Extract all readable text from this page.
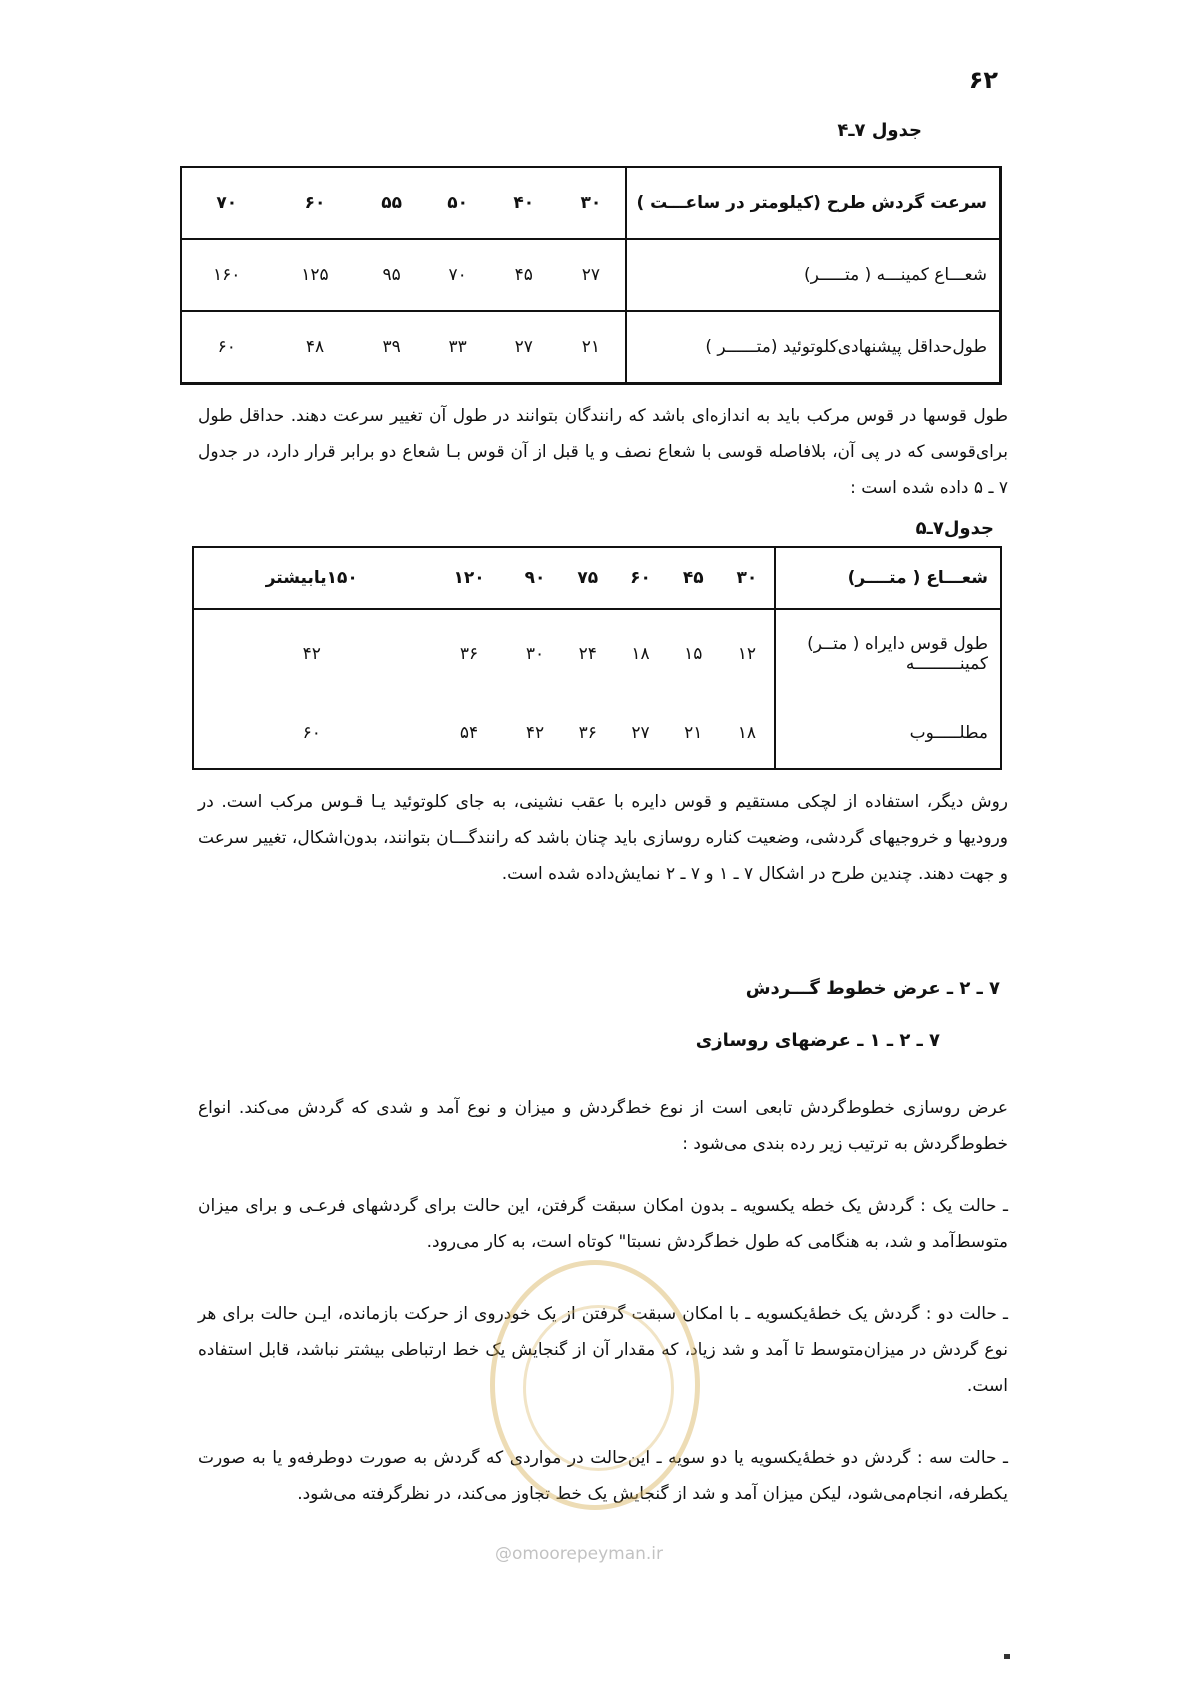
۶۲
جدول ۷ـ۴
سرعت گردش طرح (کیلومتر در ساعـــت )	۳۰	۴۰	۵۰	۵۵	۶۰	۷۰
شعـــاع کمینـــه ( متـــــر)	۲۷	۴۵	۷۰	۹۵	۱۲۵	۱۶۰
طول‌حداقل پیشنهادی‌کلوتوئید (متــــــر )	۲۱	۲۷	۳۳	۳۹	۴۸	۶۰
طول قوسها در قوس مرکب باید به اندازه‌ای باشد که رانندگان بتوانند در طول آن تغییر سرعت دهند. حداقل طول برای‌قوسی که در پی آن، بلافاصله قوسی با شعاع نصف و یا قبل از آن قوس بـا شعاع دو برابر قرار دارد، در جدول ۷ ـ ۵ داده شده است :
جدول۷ـ۵
شعـــاع ( متــــر)	۳۰	۴۵	۶۰	۷۵	۹۰	۱۲۰	۱۵۰یابیشتر

طول قوس دایراه ( متــر)
کمینـــــــــه	۱۲	۱۵	۱۸	۲۴	۳۰	۳۶	۴۲

مطلـــــوب	۱۸	۲۱	۲۷	۳۶	۴۲	۵۴	۶۰
روش دیگر، استفاده از لچکی مستقیم و قوس دایره با عقب نشینی، به جای کلوتوئید یـا قـوس مرکب است. در ورودیها و خروجیهای گردشی، وضعیت کناره روسازی باید چنان باشد که رانندگـــان بتوانند، بدون‌اشکال، تغییر سرعت و جهت دهند. چندین طرح در اشکال ۷ ـ ۱ و ۷ ـ ۲ نمایش‌داده شده است.
۷ ـ ۲ ـ عرض خطوط گـــردش
۷ ـ ۲ ـ ۱ ـ عرضهای روسازی
عرض روسازی خطوط‌گردش تابعی است از نوع خط‌گردش و میزان و نوع آمد و شدی که گردش می‌کند. انواع خطوط‌گردش به ترتیب زیر رده بندی می‌شود :
ـ حالت یک : گردش یک خطه یکسویه ـ بدون امکان سبقت گرفتن، این حالت برای گردشهای فرعـی و برای میزان متوسط‌آمد و شد، به هنگامی که طول خط‌گردش نسبتا" کوتاه است، به کار می‌رود.
ـ حالت دو : گردش یک خطه‌ٔیکسویه ـ با امکان سبقت گرفتن از یک خودروی از حرکت بازمانده، ایـن حالت برای هر نوع گردش در میزان‌متوسط تا آمد و شد زیاد، که مقدار آن از گنجایش یک خط ارتباطی بیشتر نباشد، قابل استفاده است.
ـ حالت سه : گردش دو خطه‌ٔیکسویه یا دو سویه ـ این‌حالت در مواردی که گردش به صورت دوطرفه‌و یا به صورت یکطرفه، انجام‌می‌شود، لیکن میزان آمد و شد از گنجایش یک خط تجاوز می‌کند، در نظرگرفته می‌شود.
@omoorepeyman.ir
